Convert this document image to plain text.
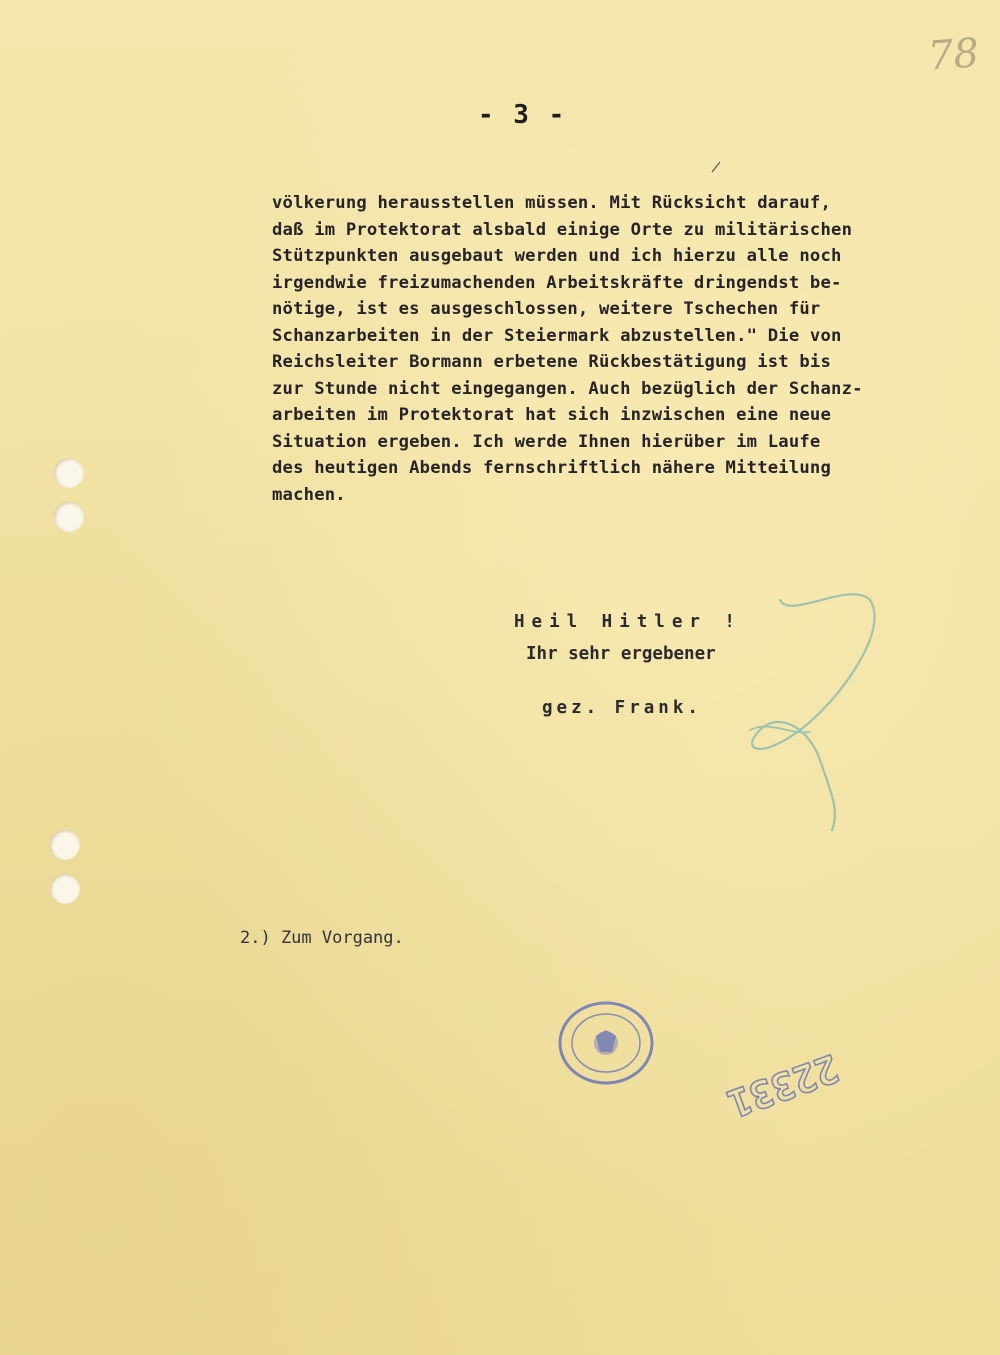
78
- 3 -
völkerung herausstellen müssen. Mit Rücksicht darauf,
daß im Protektorat alsbald einige Orte zu militärischen
Stützpunkten ausgebaut werden und ich hierzu alle noch
irgendwie freizumachenden Arbeitskräfte dringendst be-
nötige, ist es ausgeschlossen, weitere Tschechen für
Schanzarbeiten in der Steiermark abzustellen." Die von
Reichsleiter Bormann erbetene Rückbestätigung ist bis
zur Stunde nicht eingegangen. Auch bezüglich der Schanz-
arbeiten im Protektorat hat sich inzwischen eine neue
Situation ergeben. Ich werde Ihnen hierüber im Laufe
des heutigen Abends fernschriftlich nähere Mitteilung
machen.
Heil Hitler !
Ihr sehr ergebener
gez. Frank.
2.) Zum Vorgang.
22331
